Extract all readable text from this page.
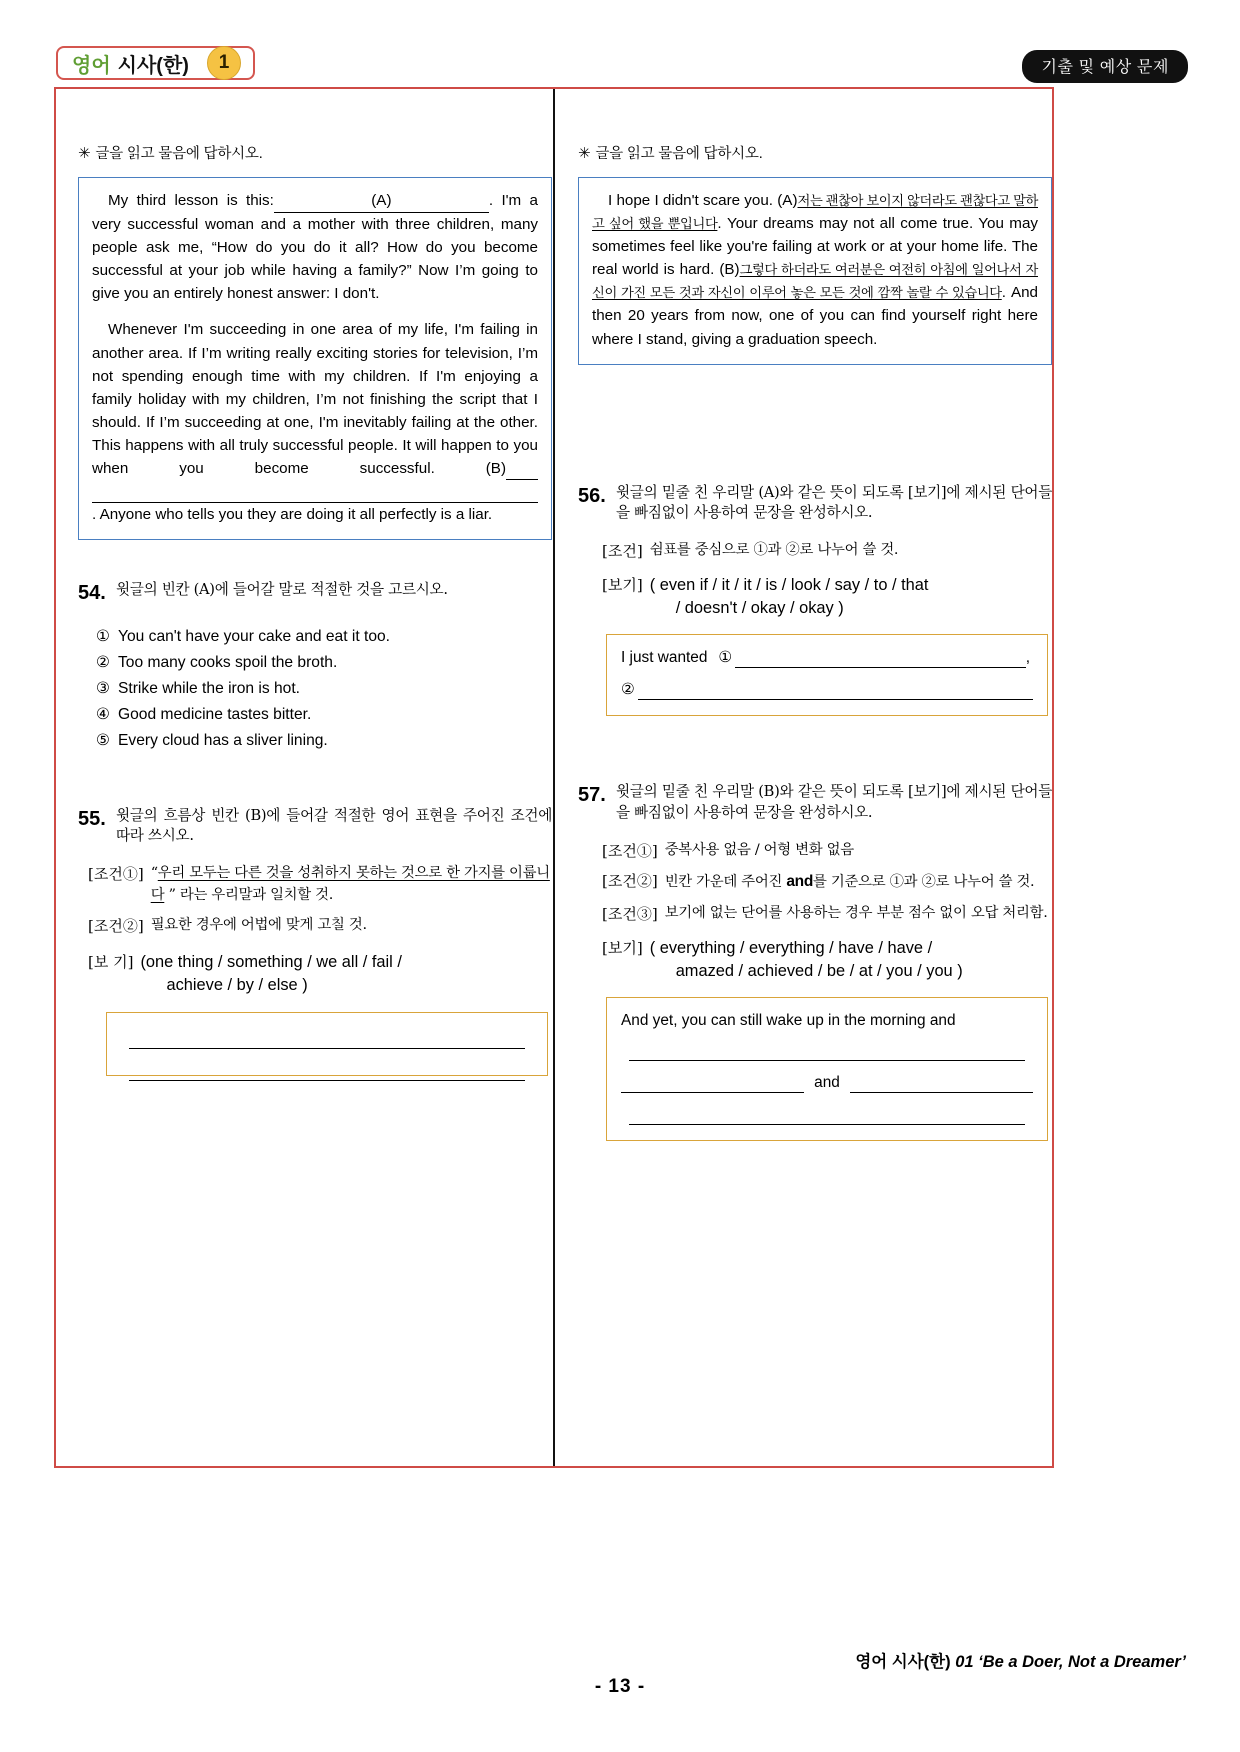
영어 시사(한)	1	기출 및 예상 문제
✳ 글을 읽고 물음에 답하시오.

My third lesson is this:	(A)	. I'm a very successful woman and a mother with three children, many people ask me, “How do you do it all? How do you become successful at your job while having a family?” Now I’m going to give you an entirely honest answer: I don't.

Whenever I'm succeeding in one area of my life, I'm failing in another area. If I’m writing really exciting stories for television, I’m not spending enough time with my children. If I'm enjoying a family holiday with my children, I’m not finishing the script that I should. If I’m succeeding at one, I'm inevitably failing at the other. This happens with all truly successful people. It will happen to you when you become successful.	(B) . Anyone who tells you they are doing it all perfectly is a liar.

54. 윗글의 빈칸 (A)에 들어갈 말로 적절한 것을 고르시오.
① You can't have your cake and eat it too.
② Too many cooks spoil the broth.
③ Strike while the iron is hot.
④ Good medicine tastes bitter.
⑤ Every cloud has a sliver lining.
55. 윗글의 흐름상 빈칸 (B)에 들어갈 적절한 영어 표현을 주어진 조건에 따라 쓰시오.
[조건①] “우리 모두는 다른 것을 성취하지 못하는 것으로 한 가지를 이룹니다 ” 라는 우리말과 일치할 것.
[조건②] 필요한 경우에 어법에 맞게 고칠 것.
[보 기] (one thing / something / we all / fail /
achieve / by / else )
✳ 글을 읽고 물음에 답하시오.

I hope I didn't scare you. (A)저는 괜찮아 보이지 않더라도 괜찮다고 말하고 싶어 했을 뿐입니다. Your dreams may not all come true. You may sometimes feel like you're failing at work or at your home life. The real world is hard. (B)그렇다 하더라도 여러분은 여전히 아침에 일어나서 자신이 가진 모든 것과 자신이 이루어 놓은 모든 것에 깜짝 놀랄 수 있습니다. And then 20 years from now, one of you can find yourself right here where I stand, giving a graduation speech.

56. 윗글의 밑줄 친 우리말 (A)와 같은 뜻이 되도록 [보기]에 제시된 단어들을 빠짐없이 사용하여 문장을 완성하시오.
[조건] 쉼표를 중심으로 ①과 ②로 나누어 쓸 것.
[보기] ( even if / it / it / is / look / say / to / that
/ doesn't / okay / okay )
I just wanted ①	,
②
57. 윗글의 밑줄 친 우리말 (B)와 같은 뜻이 되도록 [보기]에 제시된 단어들을 빠짐없이 사용하여 문장을 완성하시오.
[조건①] 중복사용 없음 / 어형 변화 없음
[조건②] 빈칸 가운데 주어진 and를 기준으로 ①과 ②로 나누어 쓸 것.
[조건③] 보기에 없는 단어를 사용하는 경우 부분 점수 없이 오답 처리함.
[보기] ( everything / everything / have / have /
amazed / achieved / be / at / you / you )
And yet, you can still wake up in the morning and
and
영어 시사(한) 01 ‘Be a Doer, Not a Dreamer’
- 13 -
